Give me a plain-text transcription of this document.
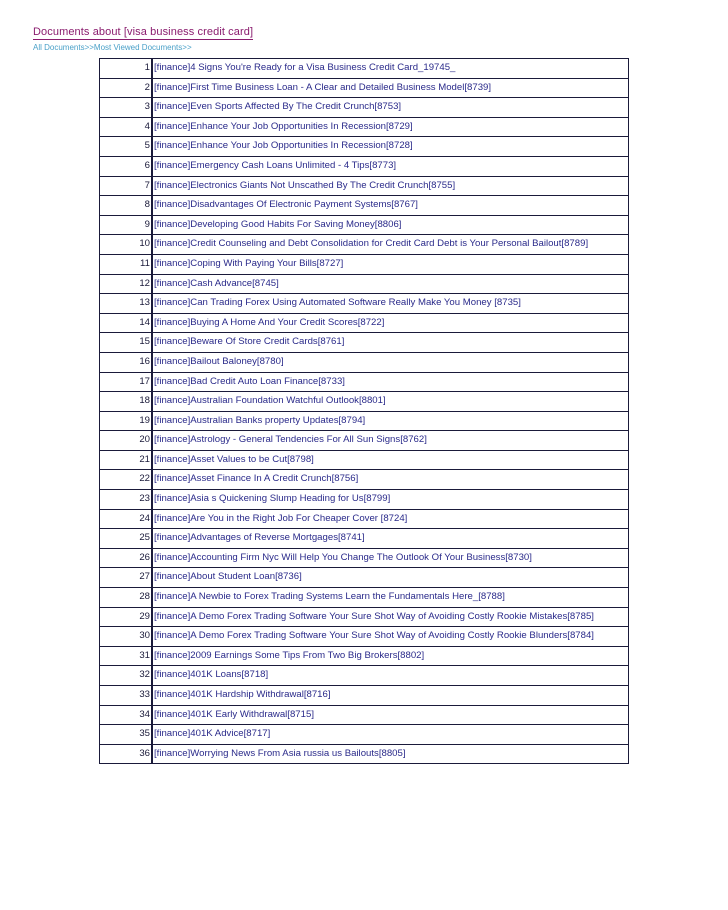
Documents about [visa business credit card]
All Documents>>Most Viewed Documents>>
1	[finance]4 Signs You're Ready for a Visa Business Credit Card_19745_
2	[finance]First Time Business Loan - A Clear and Detailed Business Model[8739]
3	[finance]Even Sports Affected By The Credit Crunch[8753]
4	[finance]Enhance Your Job Opportunities In Recession[8729]
5	[finance]Enhance Your Job Opportunities In Recession[8728]
6	[finance]Emergency Cash Loans Unlimited - 4 Tips[8773]
7	[finance]Electronics Giants Not Unscathed By The Credit Crunch[8755]
8	[finance]Disadvantages Of Electronic Payment Systems[8767]
9	[finance]Developing Good Habits For Saving Money[8806]
10	[finance]Credit Counseling and Debt Consolidation for Credit Card Debt is Your Personal Bailout[8789]
11	[finance]Coping With Paying Your Bills[8727]
12	[finance]Cash Advance[8745]
13	[finance]Can Trading Forex Using Automated Software Really Make You Money [8735]
14	[finance]Buying A Home And Your Credit Scores[8722]
15	[finance]Beware Of Store Credit Cards[8761]
16	[finance]Bailout Baloney[8780]
17	[finance]Bad Credit Auto Loan Finance[8733]
18	[finance]Australian Foundation Watchful Outlook[8801]
19	[finance]Australian Banks property Updates[8794]
20	[finance]Astrology - General Tendencies For All Sun Signs[8762]
21	[finance]Asset Values to be Cut[8798]
22	[finance]Asset Finance In A Credit Crunch[8756]
23	[finance]Asia s Quickening Slump Heading for Us[8799]
24	[finance]Are You in the Right Job For Cheaper Cover [8724]
25	[finance]Advantages of Reverse Mortgages[8741]
26	[finance]Accounting Firm Nyc Will Help You Change The Outlook Of Your Business[8730]
27	[finance]About Student Loan[8736]
28	[finance]A Newbie to Forex Trading Systems Learn the Fundamentals Here_[8788]
29	[finance]A Demo Forex Trading Software Your Sure Shot Way of Avoiding Costly Rookie Mistakes[8785]
30	[finance]A Demo Forex Trading Software Your Sure Shot Way of Avoiding Costly Rookie Blunders[8784]
31	[finance]2009 Earnings Some Tips From Two Big Brokers[8802]
32	[finance]401K Loans[8718]
33	[finance]401K Hardship Withdrawal[8716]
34	[finance]401K Early Withdrawal[8715]
35	[finance]401K Advice[8717]
36	[finance]Worrying News From Asia russia us Bailouts[8805]
